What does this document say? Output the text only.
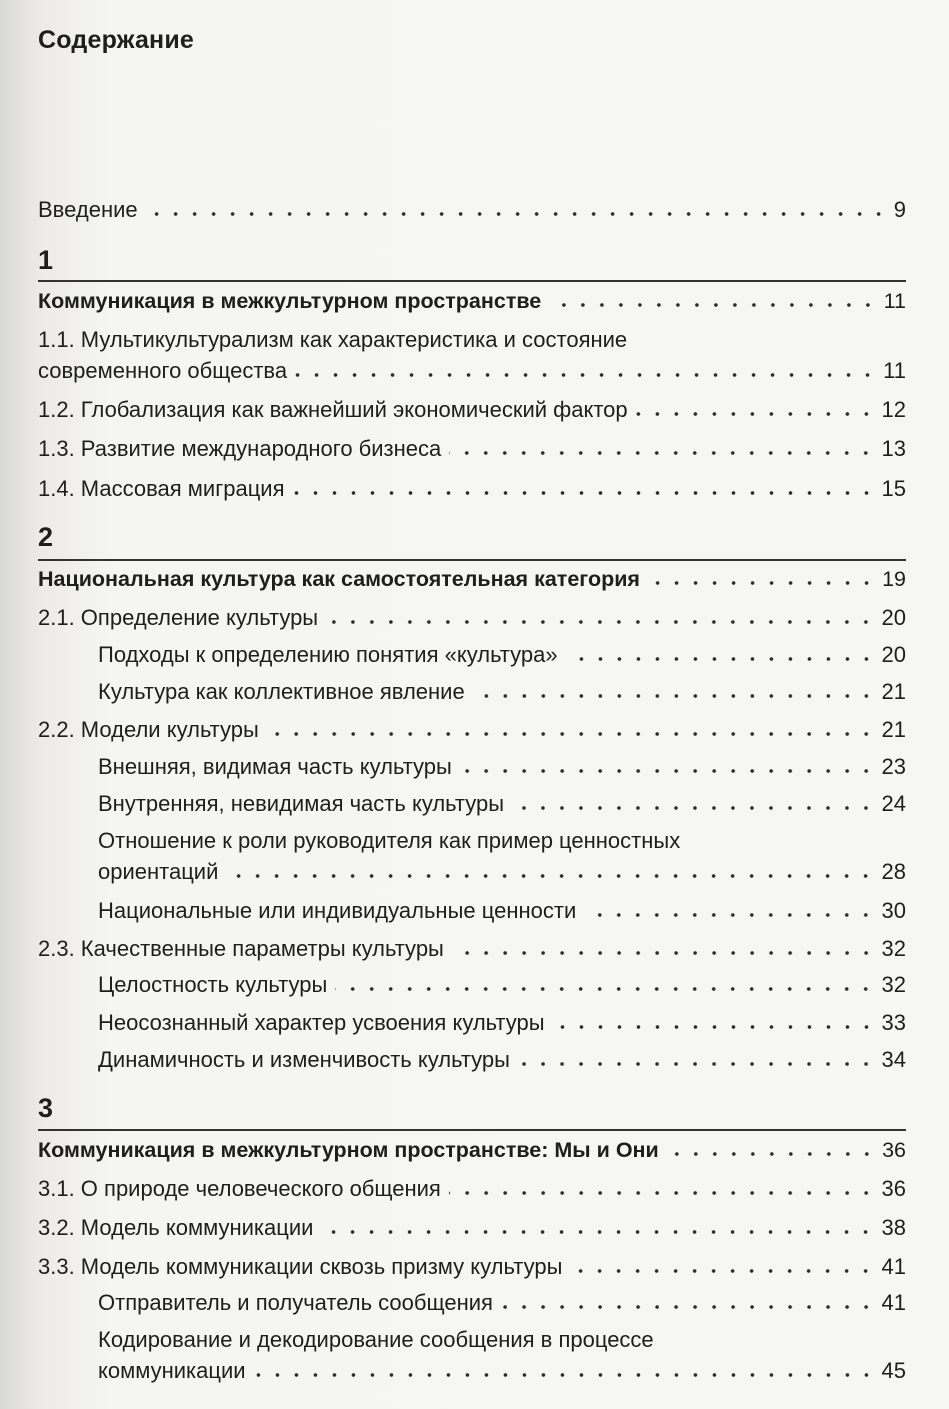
Содержание
Введение	9
1
Коммуникация в межкультурном пространстве	11
1.1. Мультикультурализм как характеристика и состояние
современного общества	11
1.2. Глобализация как важнейший экономический фактор	12
1.3. Развитие международного бизнеса	13
1.4. Массовая миграция	15
2
Национальная культура как самостоятельная категория	19
2.1. Определение культуры	20
Подходы к определению понятия «культура»	20
Культура как коллективное явление	21
2.2. Модели культуры	21
Внешняя, видимая часть культуры	23
Внутренняя, невидимая часть культуры	24
Отношение к роли руководителя как пример ценностных
ориентаций	28
Национальные или индивидуальные ценности	30
2.3. Качественные параметры культуры	32
Целостность культуры	32
Неосознанный характер усвоения культуры	33
Динамичность и изменчивость культуры	34
3
Коммуникация в межкультурном пространстве: Мы и Они	36
3.1. О природе человеческого общения	36
3.2. Модель коммуникации	38
3.3. Модель коммуникации сквозь призму культуры	41
Отправитель и получатель сообщения	41
Кодирование и декодирование сообщения в процессе
коммуникации	45
